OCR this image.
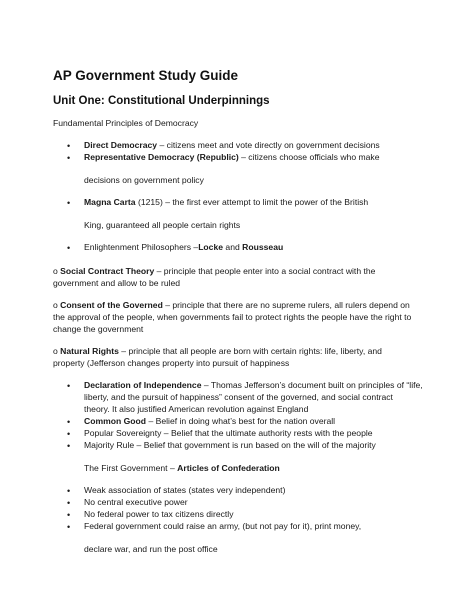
AP Government Study Guide
Unit One: Constitutional Underpinnings
Fundamental Principles of Democracy
• Direct Democracy – citizens meet and vote directly on government decisions
• Representative Democracy (Republic) – citizens choose officials who make
decisions on government policy
• Magna Carta (1215) – the first ever attempt to limit the power of the British
King, guaranteed all people certain rights
• Enlightenment Philosophers –Locke and Rousseau
o Social Contract Theory – principle that people enter into a social contract with the
government and allow to be ruled
o Consent of the Governed – principle that there are no supreme rulers, all rulers depend on
the approval of the people, when governments fail to protect rights the people have the right to
change the government
o Natural Rights – principle that all people are born with certain rights: life, liberty, and
property (Jefferson changes property into pursuit of happiness
• Declaration of Independence – Thomas Jefferson’s document built on principles of “life,
liberty, and the pursuit of happiness” consent of the governed, and social contract
theory. It also justified American revolution against England
• Common Good – Belief in doing what’s best for the nation overall
• Popular Sovereignty – Belief that the ultimate authority rests with the people
• Majority Rule – Belief that government is run based on the will of the majority
The First Government – Articles of Confederation
• Weak association of states (states very independent)
• No central executive power
• No federal power to tax citizens directly
• Federal government could raise an army, (but not pay for it), print money,
declare war, and run the post office
